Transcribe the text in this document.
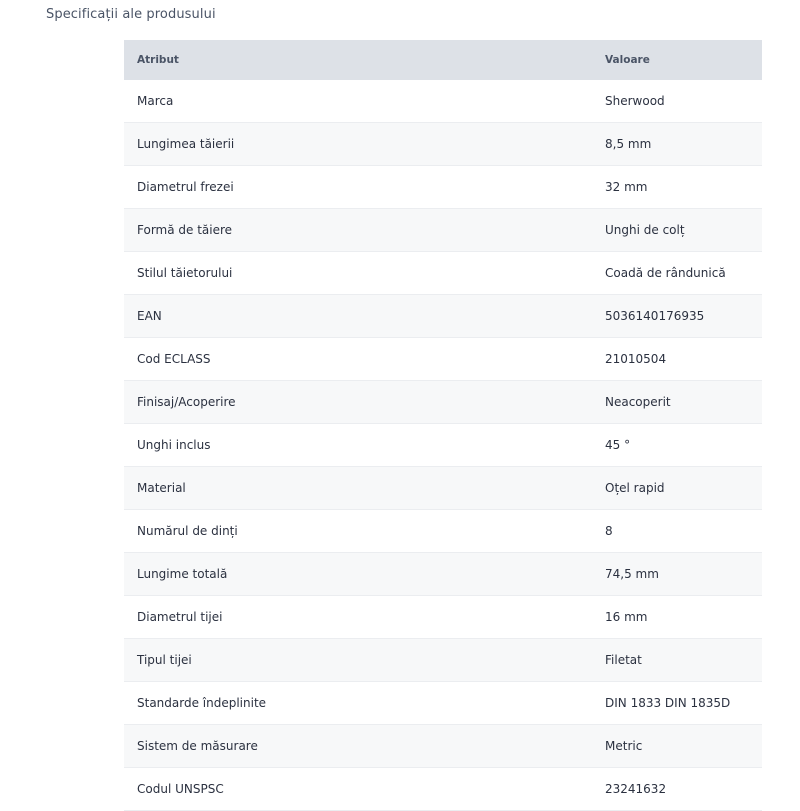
Specificații ale produsului
Atribut	Valoare
Marca	Sherwood
Lungimea tăierii	8,5 mm
Diametrul frezei	32 mm
Formă de tăiere	Unghi de colț
Stilul tăietorului	Coadă de rândunică
EAN	5036140176935
Cod ECLASS	21010504
Finisaj/Acoperire	Neacoperit
Unghi inclus	45 °
Material	Oțel rapid
Numărul de dinți	8
Lungime totală	74,5 mm
Diametrul tijei	16 mm
Tipul tijei	Filetat
Standarde îndeplinite	DIN 1833 DIN 1835D
Sistem de măsurare	Metric
Codul UNSPSC	23241632
